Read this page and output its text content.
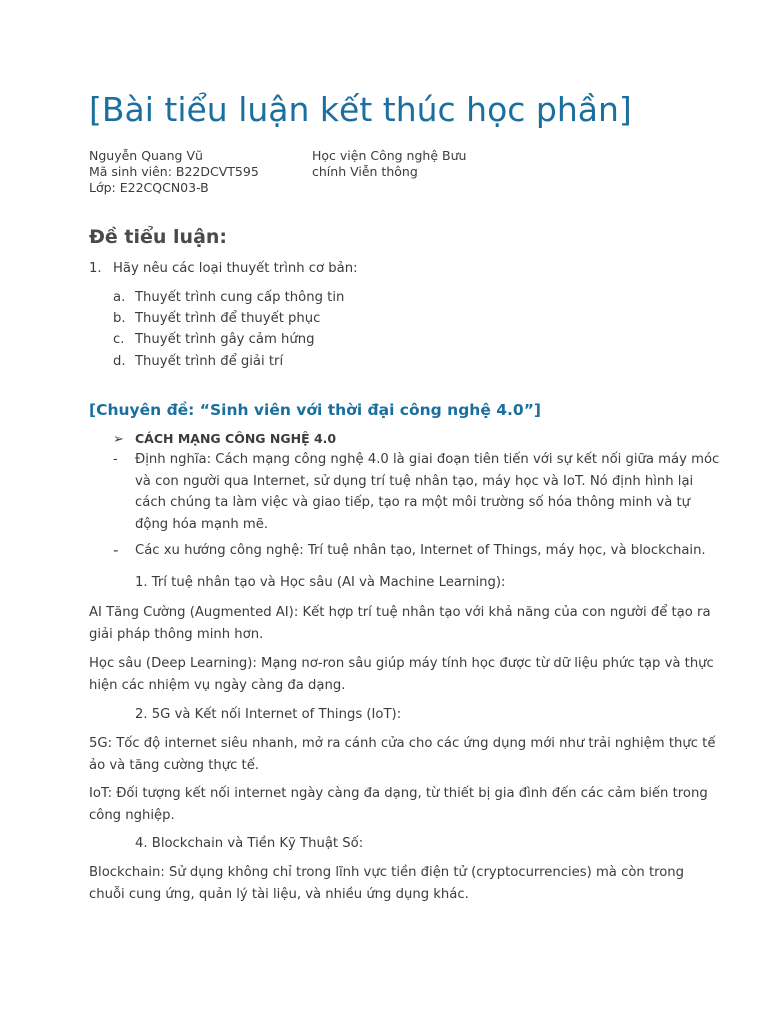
[Bài tiểu luận kết thúc học phần]
Nguyễn Quang Vũ
Mã sinh viên: B22DCVT595
Lớp: E22CQCN03-B
Học viện Công nghệ Bưu
chính Viễn thông
Đề tiểu luận:
1. Hãy nêu các loại thuyết trình cơ bản:
a. Thuyết trình cung cấp thông tin
b. Thuyết trình để thuyết phục
c. Thuyết trình gây cảm hứng
d. Thuyết trình để giải trí
[Chuyên đề: “Sinh viên với thời đại công nghệ 4.0”]
➢ CÁCH MẠNG CÔNG NGHỆ 4.0
- Định nghĩa: Cách mạng công nghệ 4.0 là giai đoạn tiên tiến với sự kết nối giữa máy móc
và con người qua Internet, sử dụng trí tuệ nhân tạo, máy học và IoT. Nó định hình lại
cách chúng ta làm việc và giao tiếp, tạo ra một môi trường số hóa thông minh và tự
động hóa mạnh mẽ.
- Các xu hướng công nghệ: Trí tuệ nhân tạo, Internet of Things, máy học, và blockchain.
1. Trí tuệ nhân tạo và Học sâu (AI và Machine Learning):
AI Tăng Cường (Augmented AI): Kết hợp trí tuệ nhân tạo với khả năng của con người để tạo ra
giải pháp thông minh hơn.
Học sâu (Deep Learning): Mạng nơ-ron sâu giúp máy tính học được từ dữ liệu phức tạp và thực
hiện các nhiệm vụ ngày càng đa dạng.
2. 5G và Kết nối Internet of Things (IoT):
5G: Tốc độ internet siêu nhanh, mở ra cánh cửa cho các ứng dụng mới như trải nghiệm thực tế
ảo và tăng cường thực tế.
IoT: Đối tượng kết nối internet ngày càng đa dạng, từ thiết bị gia đình đến các cảm biến trong
công nghiệp.
4. Blockchain và Tiền Kỹ Thuật Số:
Blockchain: Sử dụng không chỉ trong lĩnh vực tiền điện tử (cryptocurrencies) mà còn trong
chuỗi cung ứng, quản lý tài liệu, và nhiều ứng dụng khác.
